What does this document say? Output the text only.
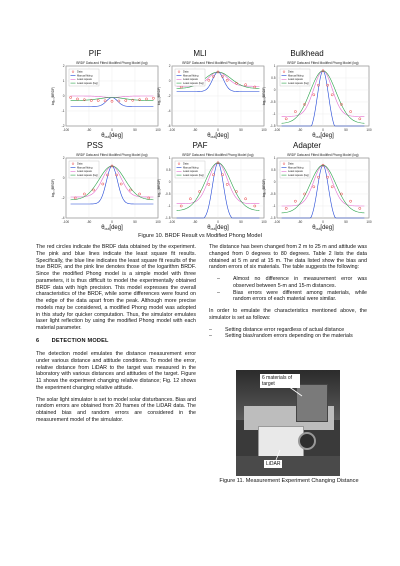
PIF	MLI	Bulkhead
PSS	PAF	Adapter
-100	-50	0	50	100
2
1
0
-1
-2
BRDF Data and Fitted Modified Phong Model (log)
log₁₀(BRDF)
θout[deg]
Data
Manual fitting
Least square
Least square (log)
-100	-50	0	50	100
2
0
-2
-4
-6
BRDF Data and Fitted Modified Phong Model (log)
log₁₀(BRDF)
θout[deg]
Data
Manual fitting
Least square
Least square (log)
-100	-50	0	50	100
1
0.5
0
-0.5
-1
-1.5
BRDF Data and Fitted Modified Phong Model (log)
log₁₀(BRDF)
θout[deg]
Data
Manual fitting
Least square
Least square (log)
-100	-50	0	50	100
2
0
-2
-4
BRDF Data and Fitted Modified Phong Model (log)
log₁₀(BRDF)
θout[deg]
Data
Manual fitting
Least square
Least square (log)
-100	-50	0	50	100
1
0.5
0
-0.5
-1
-1.5
BRDF Data and Fitted Modified Phong Model (log)
log₁₀(BRDF)
θout[deg]
Data
Manual fitting
Least square
Least square (log)
-100	-50	0	50	100
1
0.5
0
-0.5
-1
-1.5
BRDF Data and Fitted Modified Phong Model (log)
log₁₀(BRDF)
θout[deg]
Data
Manual fitting
Least square
Least square (log)
Figure 10. BRDF Result vs Modified Phong Model

The red circles indicate the BRDF data obtained by the experiment. The pink and blue lines indicate the least square fit results. Specifically, the blue line indicates the least square fit results of the true BRDF, and the pink line denotes those of the logarithm BRDF. Since the modified Phong model is a simple model with three parameters, it is thus difficult to model the experimentally obtained BRDF data with high precision. This model expresses the overall characteristics of the BRDF, while some differences were found on the edge of the data apart from the peak. Although more precise models may be considered, a modified Phong model was adopted in this study for quicker computation. Thus, the simulator emulates laser light reflection by using the modified Phong model with each material parameter.

6 DETECTION MODEL

The detection model emulates the distance measurement error under various distance and attitude conditions. To model the error, relative distance from LiDAR to the target was measured in the laboratory with various distances and attitudes of the target. Figure 11 shows the experiment changing relative distance; Fig. 12 shows the experiment changing relative attitude.

The solar light simulator is set to model solar disturbances. Bias and random errors are obtained from 20 frames of the LiDAR data. The obtained bias and random errors are considered in the measurement model of the simulator.

The distance has been changed from 2 m to 25 m and attitude was changed from 0 degrees to 80 degrees. Table 2 lists the data obtained at 5 m and at 15 m. The data listed show the bias and random errors of six materials. The table suggests the following:

–	Almost no difference in measurement error was observed between 5-m and 15-m distances.
–	Bias errors were different among materials, while random errors of each material were similar.

In order to emulate the characteristics mentioned above, the simulator is set as follows:

–	Setting distance error regardless of actual distance
–	Setting bias/random errors depending on the materials
6 materials of target
LiDAR
Figure 11. Measurement Experiment Changing Distance
